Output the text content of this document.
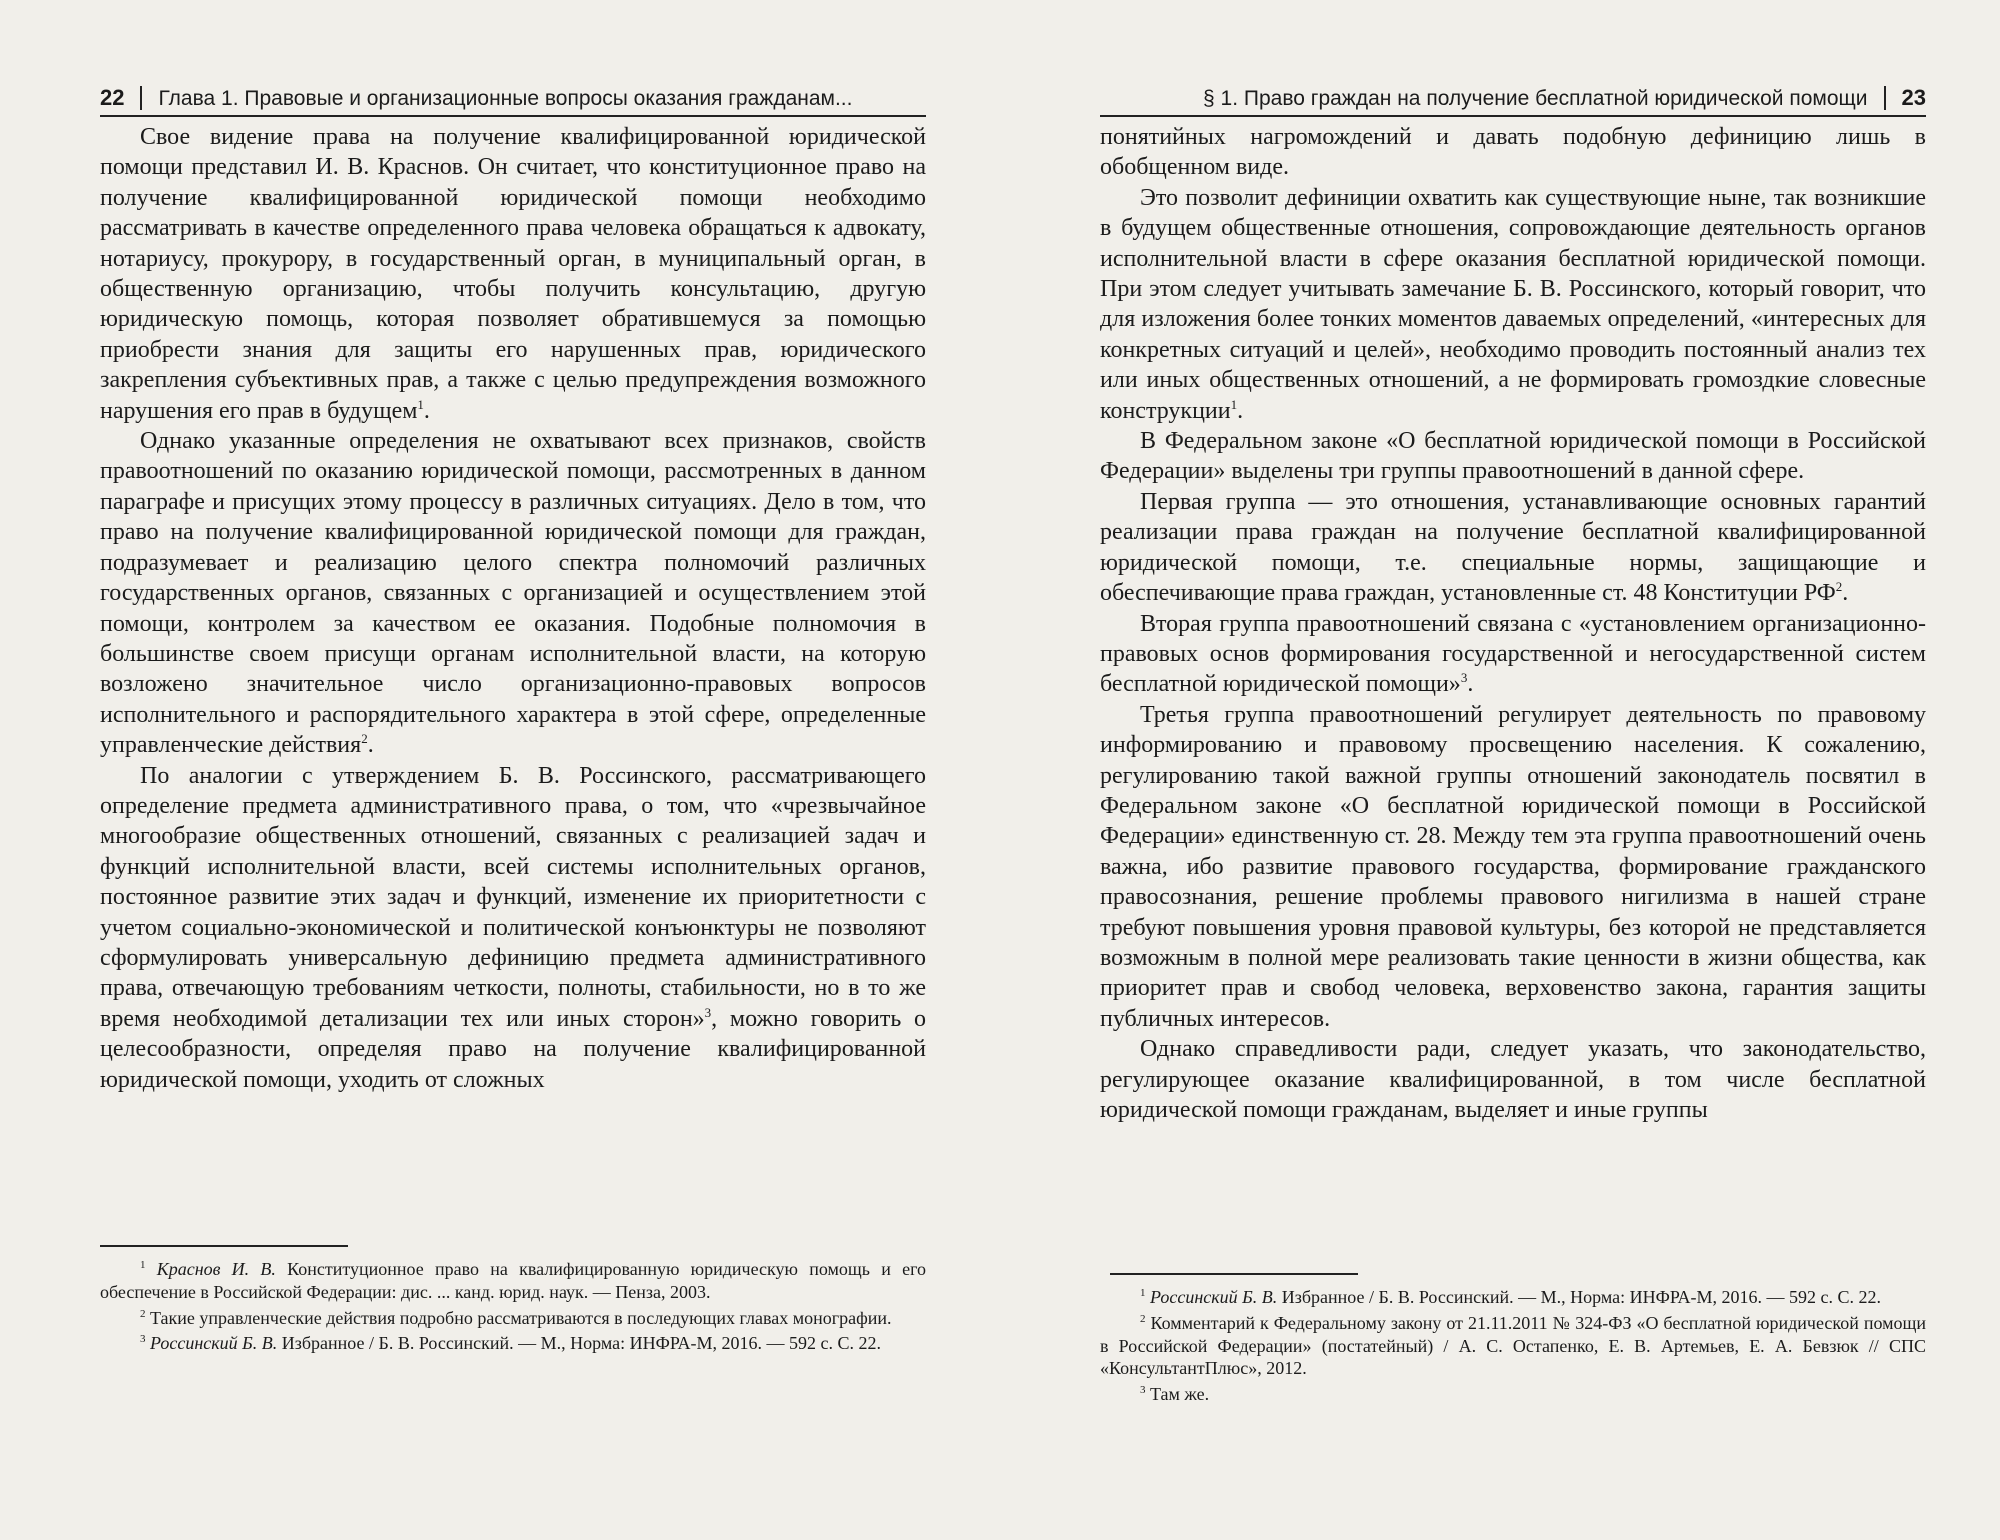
22 Глава 1. Правовые и организационные вопросы оказания гражданам...

Свое видение права на получение квалифицированной юридической помощи представил И. В. Краснов. Он считает, что конституционное право на получение квалифицированной юридической помощи необходимо рассматривать в качестве определенного права человека обращаться к адвокату, нотариусу, прокурору, в государственный орган, в муниципальный орган, в общественную организацию, чтобы получить консультацию, другую юридическую помощь, которая позволяет обратившемуся за помощью приобрести знания для защиты его нарушенных прав, юридического закрепления субъективных прав, а также с целью предупреждения возможного нарушения его прав в будущем$^1$.

Однако указанные определения не охватывают всех признаков, свойств правоотношений по оказанию юридической помощи, рассмотренных в данном параграфе и присущих этому процессу в различных ситуациях. Дело в том, что право на получение квалифицированной юридической помощи для граждан, подразумевает и реализацию целого спектра полномочий различных государственных органов, связанных с организацией и осуществлением этой помощи, контролем за качеством ее оказания. Подобные полномочия в большинстве своем присущи органам исполнительной власти, на которую возложено значительное число организационно-правовых вопросов исполнительного и распорядительного характера в этой сфере, определенные управленческие действия$^2$.

По аналогии с утверждением Б. В. Россинского, рассматривающего определение предмета административного права, о том, что «чрезвычайное многообразие общественных отношений, связанных с реализацией задач и функций исполнительной власти, всей системы исполнительных органов, постоянное развитие этих задач и функций, изменение их приоритетности с учетом социально-экономической и политической конъюнктуры не позволяют сформулировать универсальную дефиницию предмета административного права, отвечающую требованиям четкости, полноты, стабильности, но в то же время необходимой детализации тех или иных сторон»$^3$, можно говорить о целесообразности, определяя право на получение квалифицированной юридической помощи, уходить от сложных

$^1$ Краснов И. В. Конституционное право на квалифицированную юридическую помощь и его обеспечение в Российской Федерации: дис. ... канд. юрид. наук. — Пенза, 2003.

$^2$ Такие управленческие действия подробно рассматриваются в последующих главах монографии.

$^3$ Россинский Б. В. Избранное / Б. В. Россинский. — М., Норма: ИНФРА-М, 2016. — 592 с. С. 22.

§ 1. Право граждан на получение бесплатной юридической помощи 23

понятийных нагромождений и давать подобную дефиницию лишь в обобщенном виде.

Это позволит дефиниции охватить как существующие ныне, так возникшие в будущем общественные отношения, сопровождающие деятельность органов исполнительной власти в сфере оказания бесплатной юридической помощи. При этом следует учитывать замечание Б. В. Россинского, который говорит, что для изложения более тонких моментов даваемых определений, «интересных для конкретных ситуаций и целей», необходимо проводить постоянный анализ тех или иных общественных отношений, а не формировать громоздкие словесные конструкции$^1$.

В Федеральном законе «О бесплатной юридической помощи в Российской Федерации» выделены три группы правоотношений в данной сфере.

Первая группа — это отношения, устанавливающие основных гарантий реализации права граждан на получение бесплатной квалифицированной юридической помощи, т.е. специальные нормы, защищающие и обеспечивающие права граждан, установленные ст. 48 Конституции $РФ^2$.

Вторая группа правоотношений связана с «установлением организационно-правовых основ формирования государственной и негосударственной систем бесплатной юридической помощи»$^3$.

Третья группа правоотношений регулирует деятельность по правовому информированию и правовому просвещению населения. К сожалению, регулированию такой важной группы отношений законодатель посвятил в Федеральном законе «О бесплатной юридической помощи в Российской Федерации» единственную ст. 28. Между тем эта группа правоотношений очень важна, ибо развитие правового государства, формирование гражданского правосознания, решение проблемы правового нигилизма в нашей стране требуют повышения уровня правовой культуры, без которой не представляется возможным в полной мере реализовать такие ценности в жизни общества, как приоритет прав и свобод человека, верховенство закона, гарантия защиты публичных интересов.

Однако справедливости ради, следует указать, что законодательство, регулирующее оказание квалифицированной, в том числе бесплатной юридической помощи гражданам, выделяет и иные группы

$^1$ Россинский Б. В. Избранное / Б. В. Россинский. — М., Норма: ИНФРА-М, 2016. — 592 с. С. 22.

$^2$ Комментарий к Федеральному закону от 21.11.2011 № 324-ФЗ «О бесплатной юридической помощи в Российской Федерации» (постатейный) / А. С. Остапенко, Е. В. Артемьев, Е. А. Бевзюк // СПС «КонсультантПлюс», 2012.

$^3$ Там же.
